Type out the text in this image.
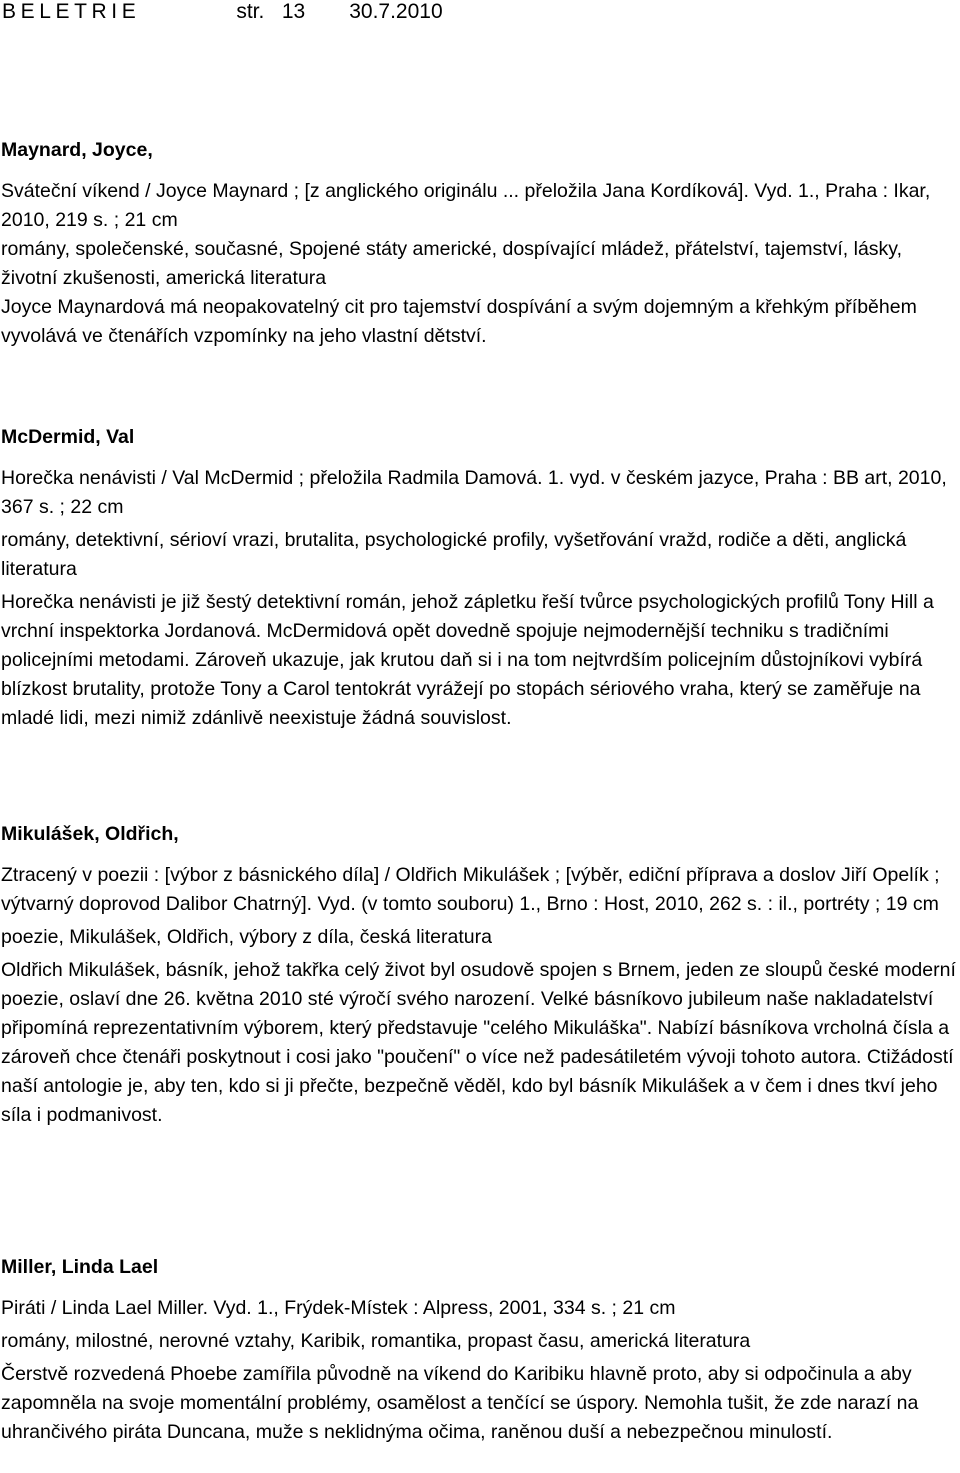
BELETRIE	str.   13 30.7.2010

Maynard, Joyce,

Sváteční víkend / Joyce Maynard ; [z anglického originálu ... přeložila Jana Kordíková]. Vyd. 1., Praha : Ikar, 2010, 219 s. ; 21 cm

romány, společenské, současné, Spojené státy americké, dospívající mládež, přátelství, tajemství, lásky, životní zkušenosti, americká literatura

Joyce Maynardová má neopakovatelný cit pro tajemství dospívání a svým dojemným a křehkým příběhem vyvolává ve čtenářích vzpomínky na jeho vlastní dětství.

McDermid, Val

Horečka nenávisti / Val McDermid ; přeložila Radmila Damová. 1. vyd. v českém jazyce, Praha : BB art, 2010, 367 s. ; 22 cm

romány, detektivní, sérioví vrazi, brutalita, psychologické profily, vyšetřování vražd, rodiče a děti, anglická literatura

Horečka nenávisti je již šestý detektivní román, jehož zápletku řeší tvůrce psychologických profilů Tony Hill a vrchní inspektorka Jordanová. McDermidová opět dovedně spojuje nejmodernější techniku s tradičními policejními metodami. Zároveň ukazuje, jak krutou daň si i na tom nejtvrdším policejním důstojníkovi vybírá blízkost brutality, protože Tony a Carol tentokrát vyrážejí po stopách sériového vraha, který se zaměřuje na mladé lidi, mezi nimiž zdánlivě neexistuje žádná souvislost.

Mikulášek, Oldřich,

Ztracený v poezii : [výbor z básnického díla] / Oldřich Mikulášek ; [výběr, ediční příprava a doslov Jiří Opelík ; výtvarný doprovod Dalibor Chatrný]. Vyd. (v tomto souboru) 1., Brno : Host, 2010, 262 s. : il., portréty ; 19 cm

poezie, Mikulášek, Oldřich, výbory z díla, česká literatura

Oldřich Mikulášek, básník, jehož takřka celý život byl osudově spojen s Brnem, jeden ze sloupů české moderní poezie, oslaví dne 26. května 2010 sté výročí svého narození. Velké básníkovo jubileum naše nakladatelství připomíná reprezentativním výborem, který představuje "celého Mikuláška". Nabízí básníkova vrcholná čísla a zároveň chce čtenáři poskytnout i cosi jako "poučení" o více než padesátiletém vývoji tohoto autora. Ctižádostí naší antologie je, aby ten, kdo si ji přečte, bezpečně věděl, kdo byl básník Mikulášek a v čem i dnes tkví jeho síla i podmanivost.

Miller, Linda Lael

Piráti / Linda Lael Miller. Vyd. 1., Frýdek-Místek : Alpress, 2001, 334 s. ; 21 cm

romány, milostné, nerovné vztahy, Karibik, romantika, propast času, americká literatura

Čerstvě rozvedená Phoebe zamířila původně na víkend do Karibiku hlavně proto, aby si odpočinula a aby zapomněla na svoje momentální problémy, osamělost a tenčící se úspory. Nemohla tušit, že zde narazí na uhrančivého piráta Duncana, muže s neklidnýma očima, raněnou duší a nebezpečnou minulostí.
